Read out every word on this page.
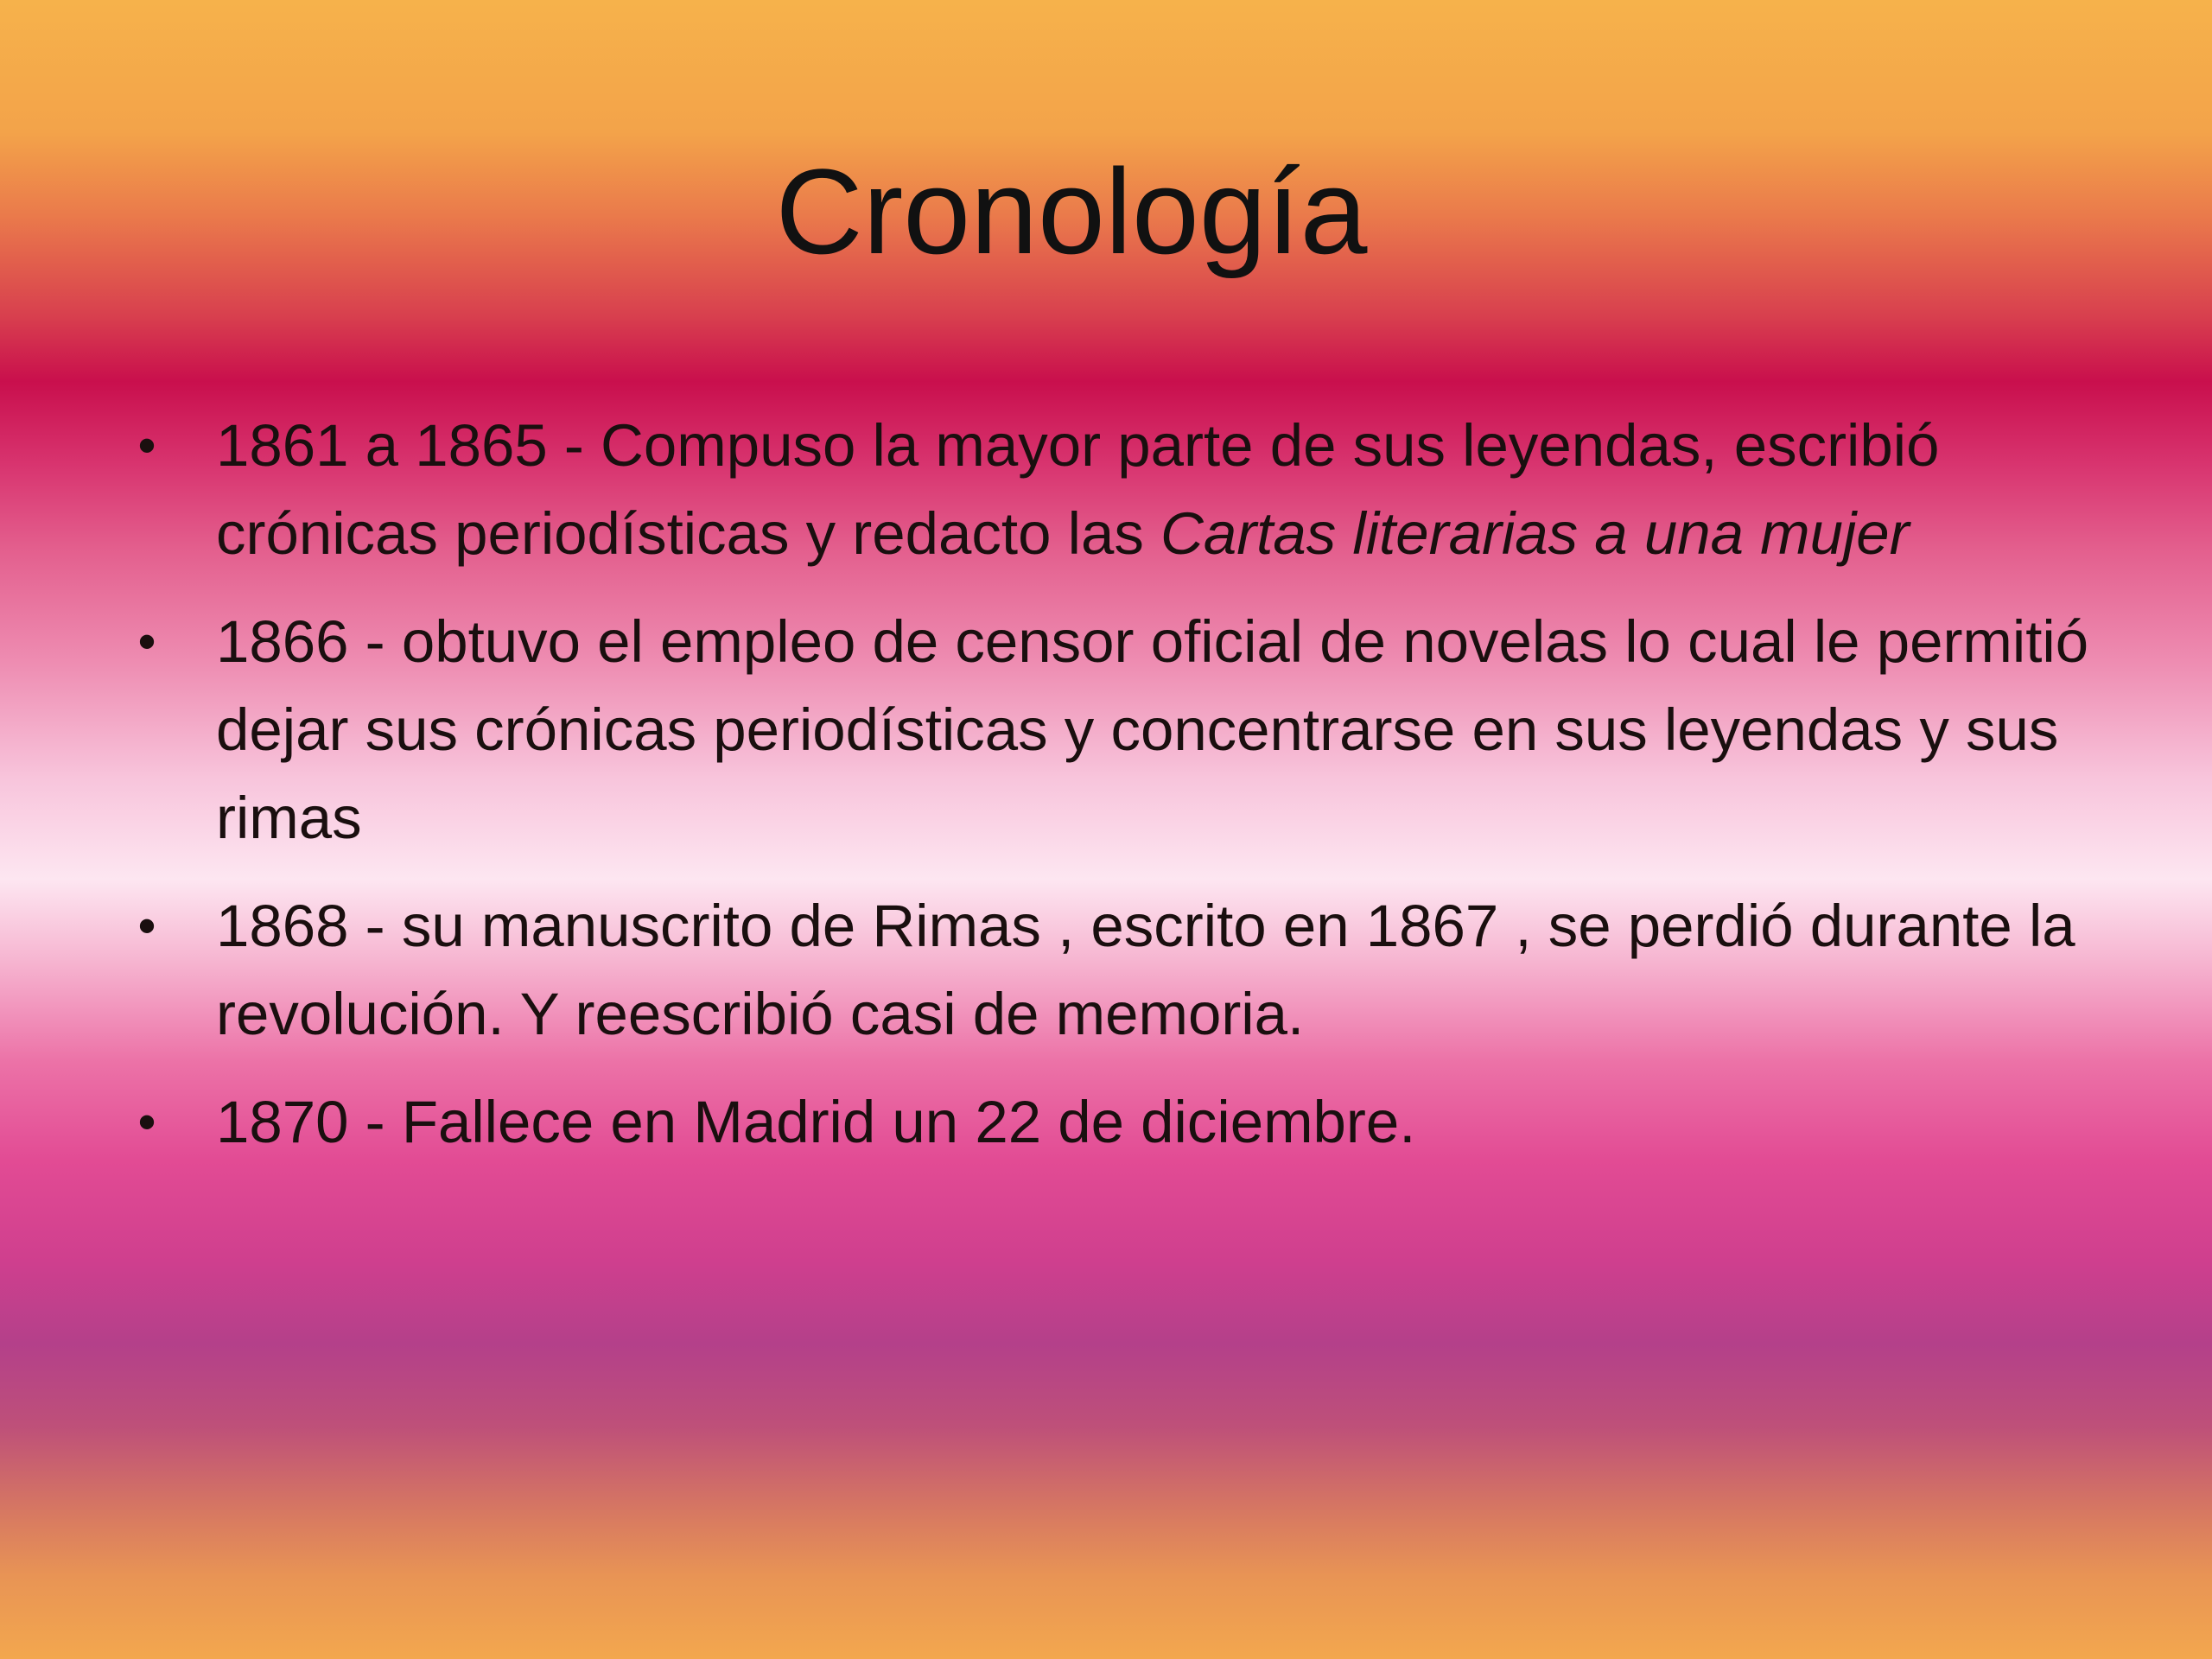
Cronología
• 1861 a 1865 - Compuso la mayor parte de sus leyendas, escribió crónicas periodísticas y redacto las Cartas literarias a una mujer
• 1866 - obtuvo el empleo de censor oficial de novelas lo cual le permitió dejar sus crónicas periodísticas y concentrarse en sus leyendas y sus rimas
• 1868 - su manuscrito de Rimas , escrito en 1867 , se perdió durante la revolución. Y reescribió casi de memoria.
• 1870 - Fallece en Madrid un 22 de diciembre.
